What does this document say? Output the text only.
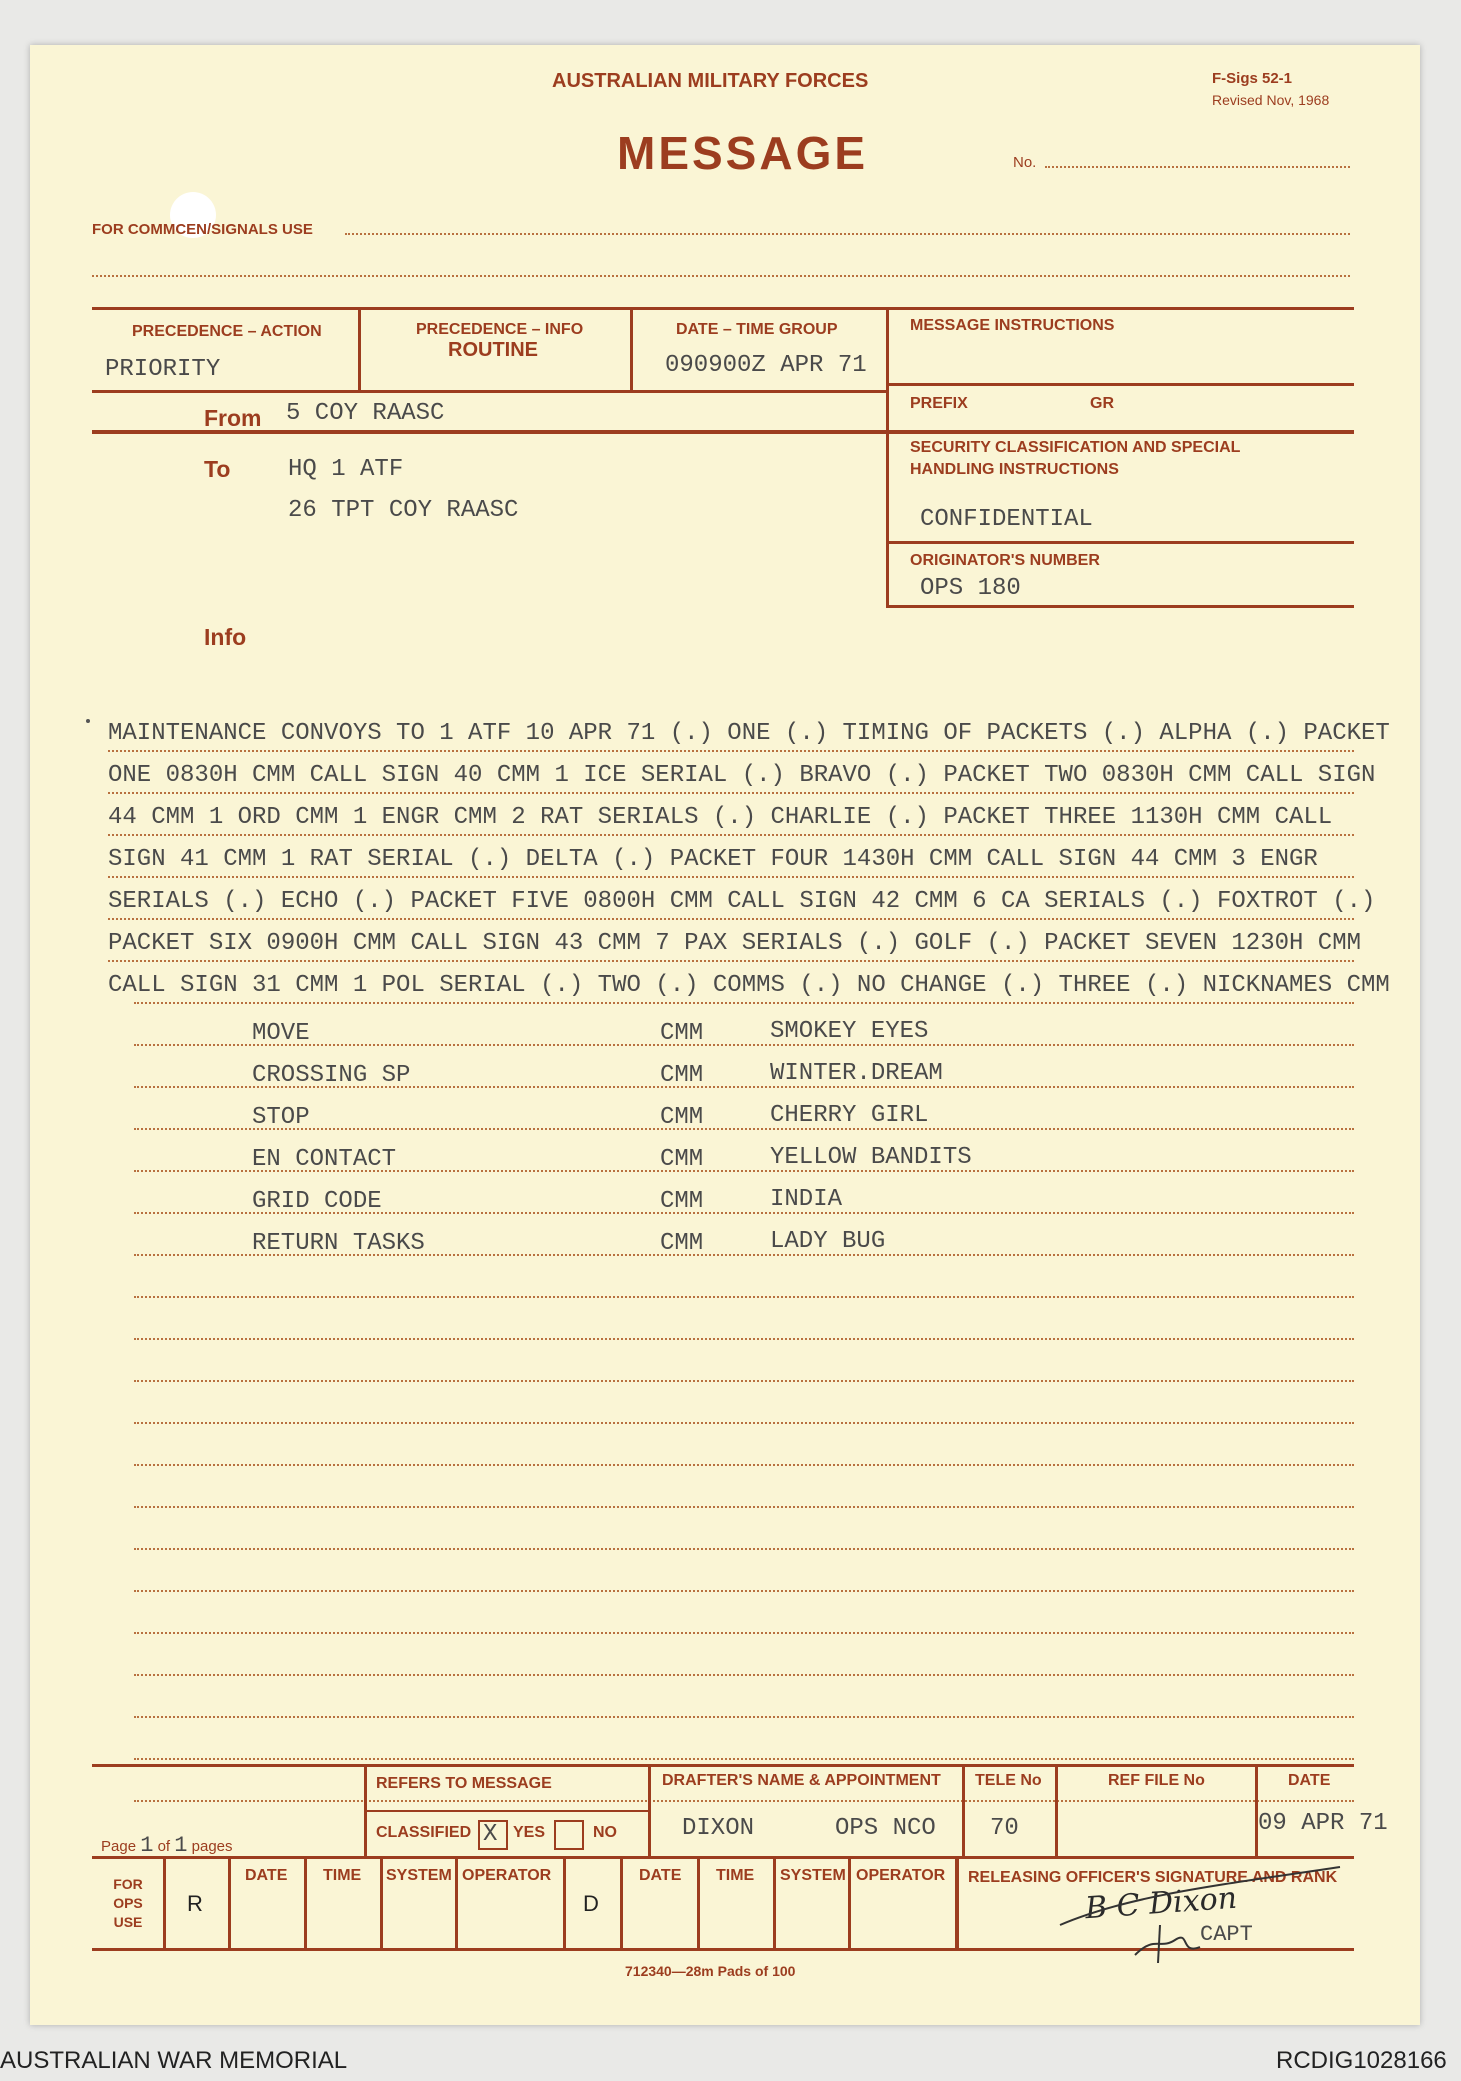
AUSTRALIAN MILITARY FORCES
MESSAGE
F-Sigs 52-1
Revised Nov, 1968
No.
FOR COMMCEN/SIGNALS USE
PRECEDENCE – ACTION
PRIORITY
PRECEDENCE – INFO
ROUTINE
DATE – TIME GROUP
090900Z APR 71
MESSAGE INSTRUCTIONS
PREFIX	GR
From 5 COY RAASC
To HQ 1 ATF
26 TPT COY RAASC
Info
SECURITY CLASSIFICATION AND SPECIAL
HANDLING INSTRUCTIONS
CONFIDENTIAL
ORIGINATOR'S NUMBER
OPS 180
MAINTENANCE CONVOYS TO 1 ATF 10 APR 71 (.) ONE (.) TIMING OF PACKETS (.) ALPHA (.) PACKET
ONE 0830H CMM CALL SIGN 40 CMM 1 ICE SERIAL (.) BRAVO (.) PACKET TWO 0830H CMM CALL SIGN
44 CMM 1 ORD CMM 1 ENGR CMM 2 RAT SERIALS (.) CHARLIE (.) PACKET THREE 1130H CMM CALL
SIGN 41 CMM 1 RAT SERIAL (.) DELTA (.) PACKET FOUR 1430H CMM CALL SIGN 44 CMM 3 ENGR
SERIALS (.) ECHO (.) PACKET FIVE 0800H CMM CALL SIGN 42 CMM 6 CA SERIALS (.) FOXTROT (.)
PACKET SIX 0900H CMM CALL SIGN 43 CMM 7 PAX SERIALS (.) GOLF (.) PACKET SEVEN 1230H CMM
CALL SIGN 31 CMM 1 POL SERIAL (.) TWO (.) COMMS (.) NO CHANGE (.) THREE (.) NICKNAMES CMM
MOVE	CMM	SMOKEY EYES
CROSSING SP	CMM	WINTER.DREAM
STOP	CMM	CHERRY GIRL
EN CONTACT	CMM	YELLOW BANDITS
GRID CODE	CMM	INDIA
RETURN TASKS	CMM	LADY BUG
Page 1 of 1 pages
REFERS TO MESSAGE
CLASSIFIED X YES	NO
DRAFTER'S NAME & APPOINTMENT
DIXON	OPS NCO
TELE No
70
REF FILE No	DATE
09 APR 71
FOR OPS USE
R	D
DATE TIME SYSTEM OPERATOR	DATE TIME SYSTEM OPERATOR RELEASING OFFICER'S SIGNATURE AND RANK
B C Dixon
CAPT
712340—28m Pads of 100
AUSTRALIAN WAR MEMORIAL	RCDIG1028166
